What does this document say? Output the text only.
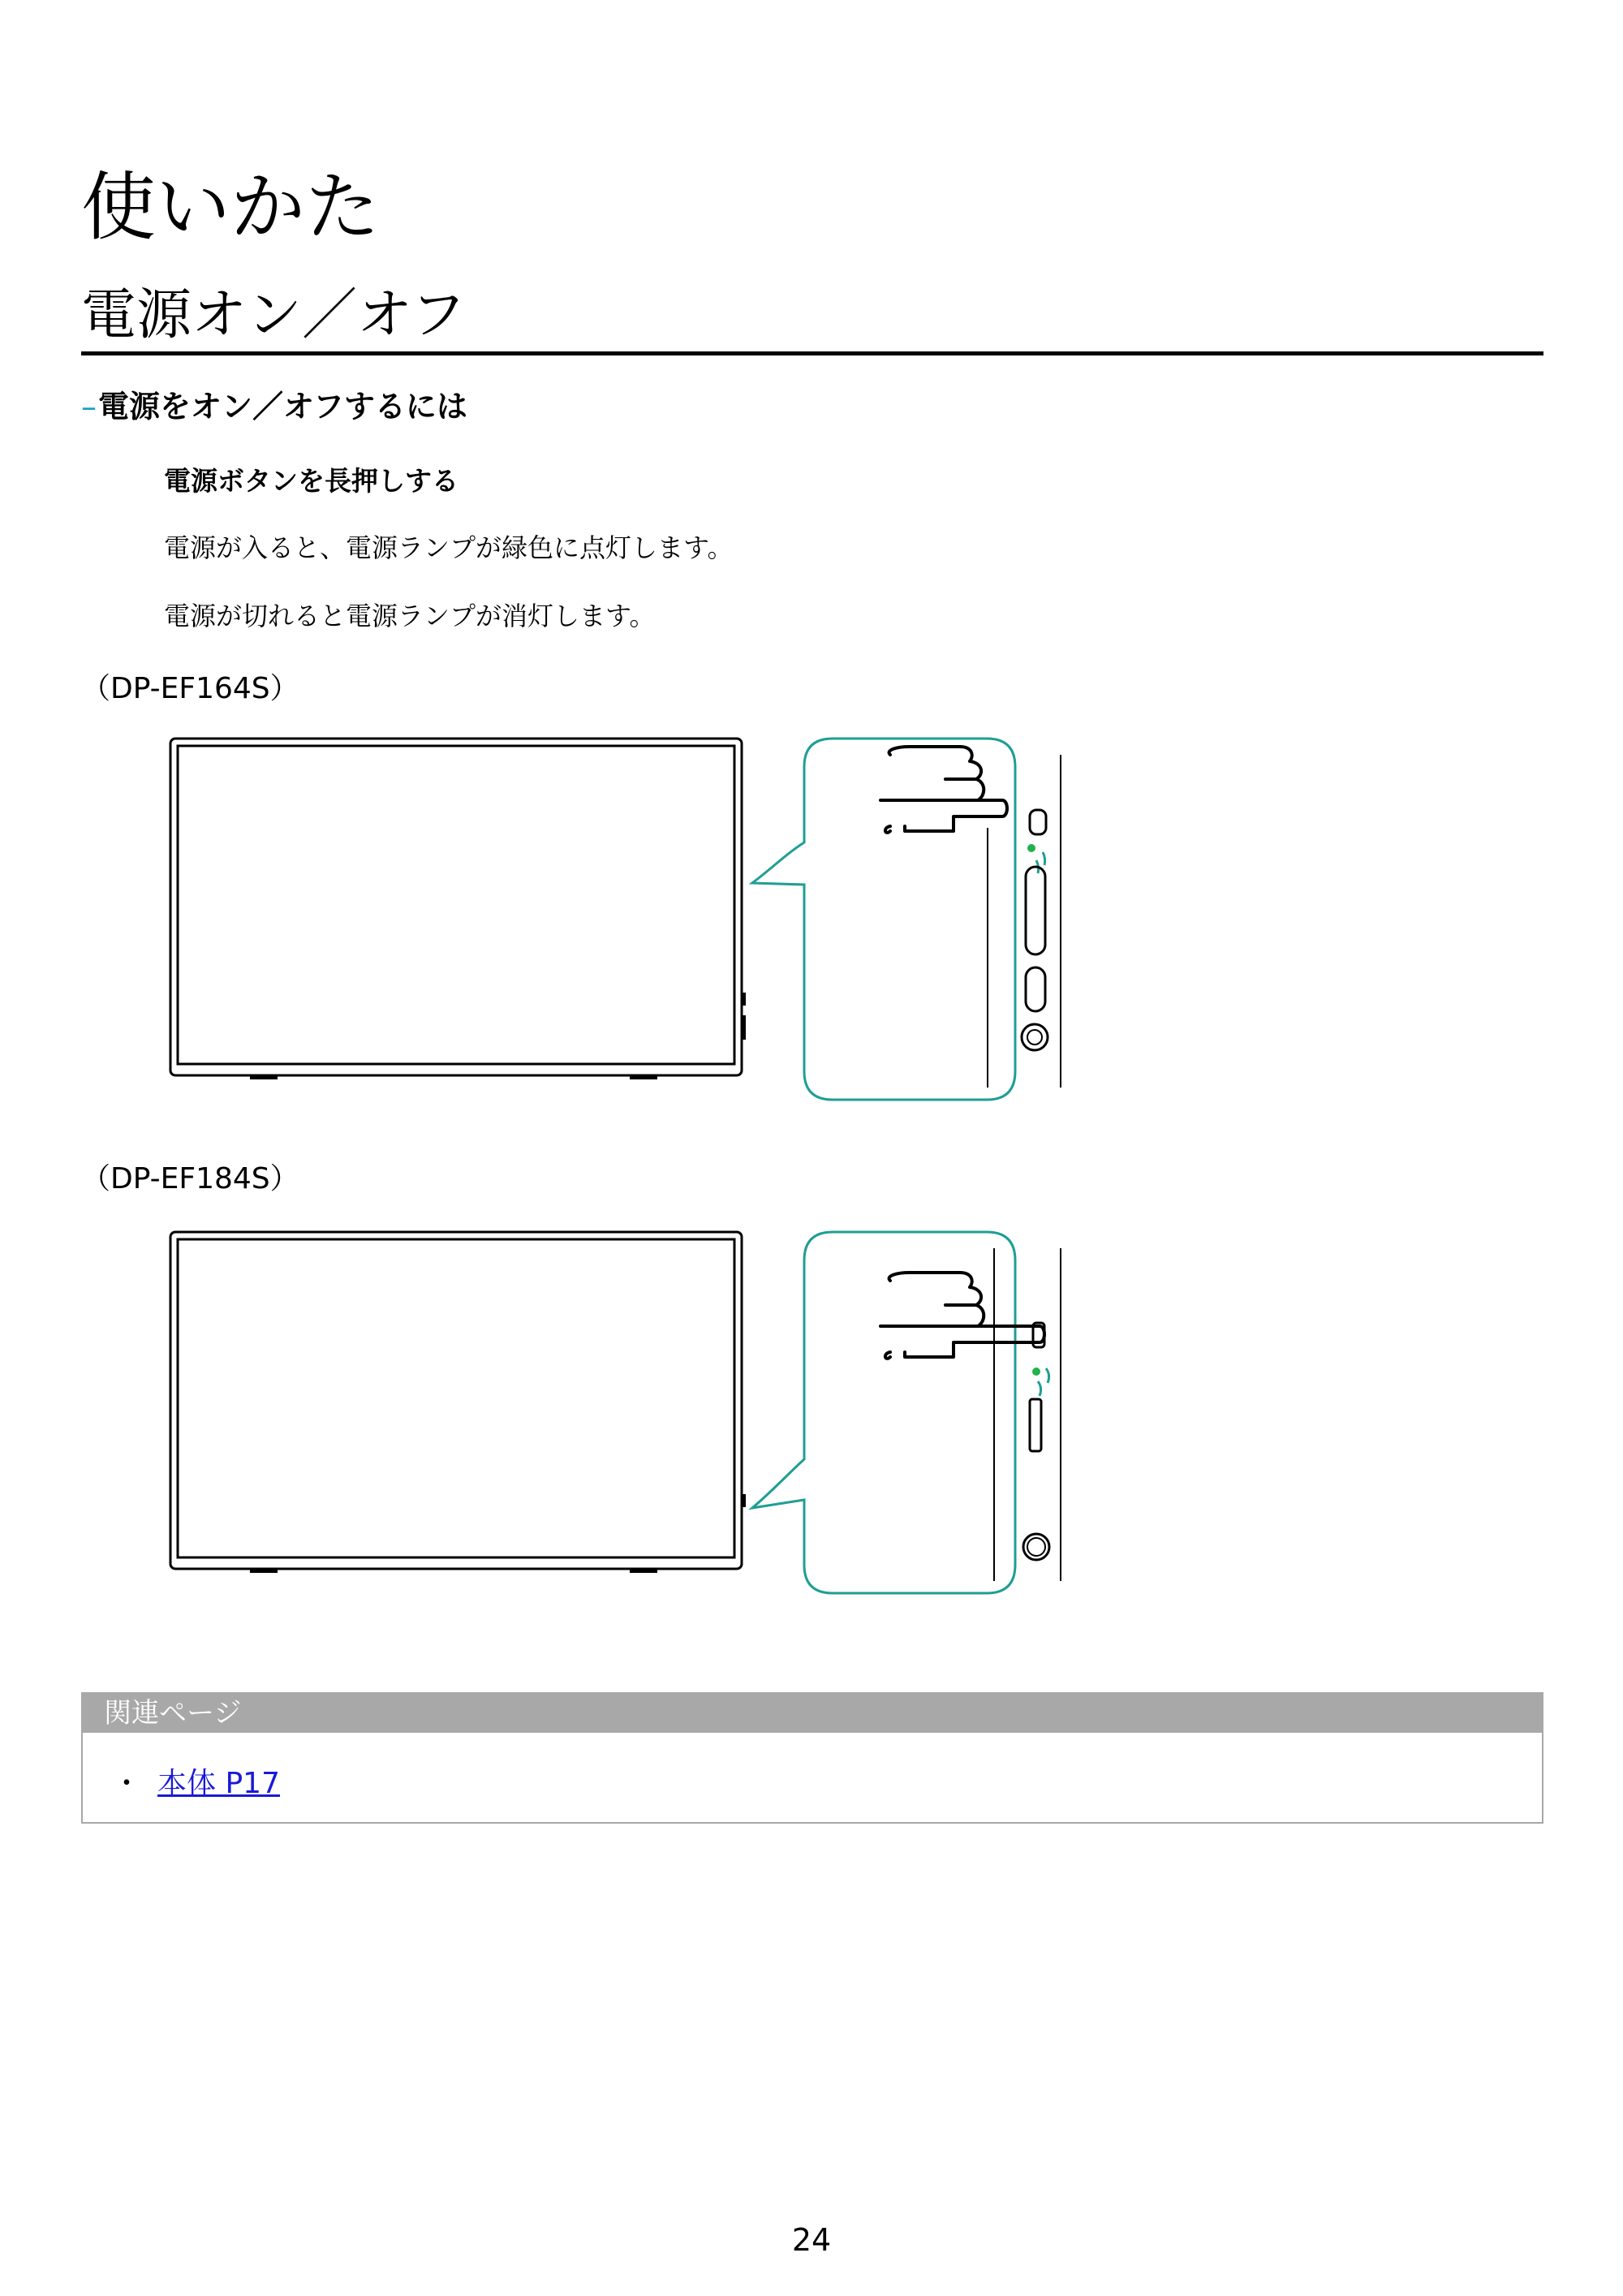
使いかた
電源オン／オフ
–電源をオン／オフするには
電源ボタンを長押しする
電源が入ると、電源ランプが緑色に点灯します。
電源が切れると電源ランプが消灯します。
（DP-EF164S）
（DP-EF184S）
関連ページ
・ 本体 P17
24
